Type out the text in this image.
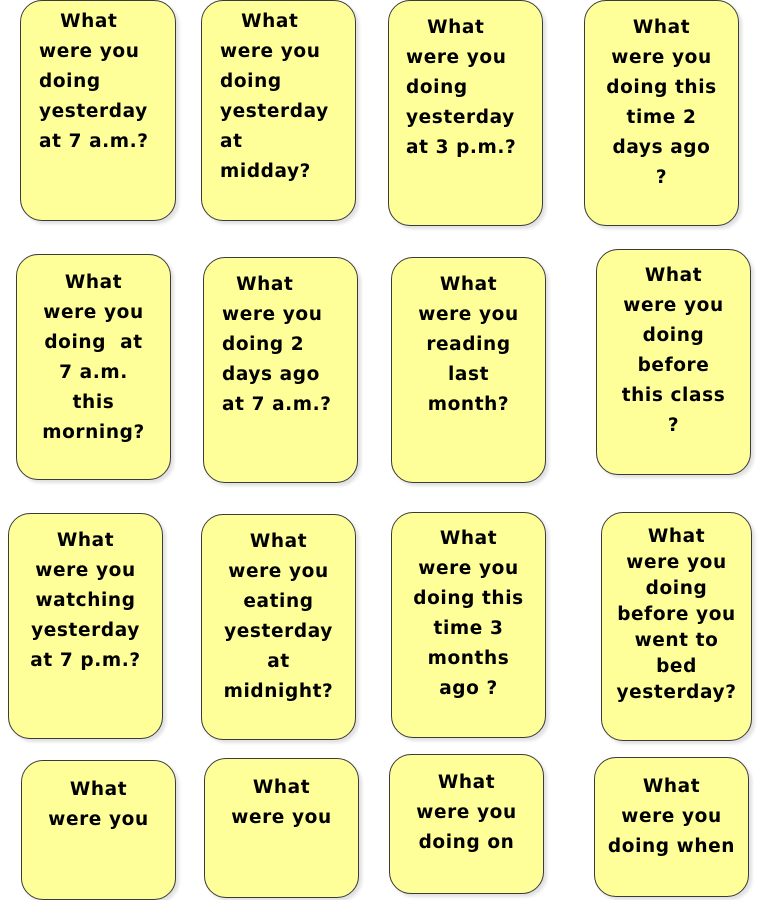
What

were you

doing

yesterday

at 7 a.m.?

What

were you

doing

yesterday

at

midday?

What

were you

doing

yesterday

at 3 p.m.?

What

were you

doing this

time 2

days ago

?

What

were you

doing  at

7 a.m.

this

morning?

What

were you

doing 2

days ago

at 7 a.m.?

What

were you

reading

last

month?

What

were you

doing

before

this class

?

What

were you

watching

yesterday

at 7 p.m.?

What

were you

eating

yesterday

at

midnight?

What

were you

doing this

time 3

months

ago ?

What

were you

doing

before you

went to

bed

yesterday?

What

were you

What

were you

What

were you

doing on

What

were you

doing when
